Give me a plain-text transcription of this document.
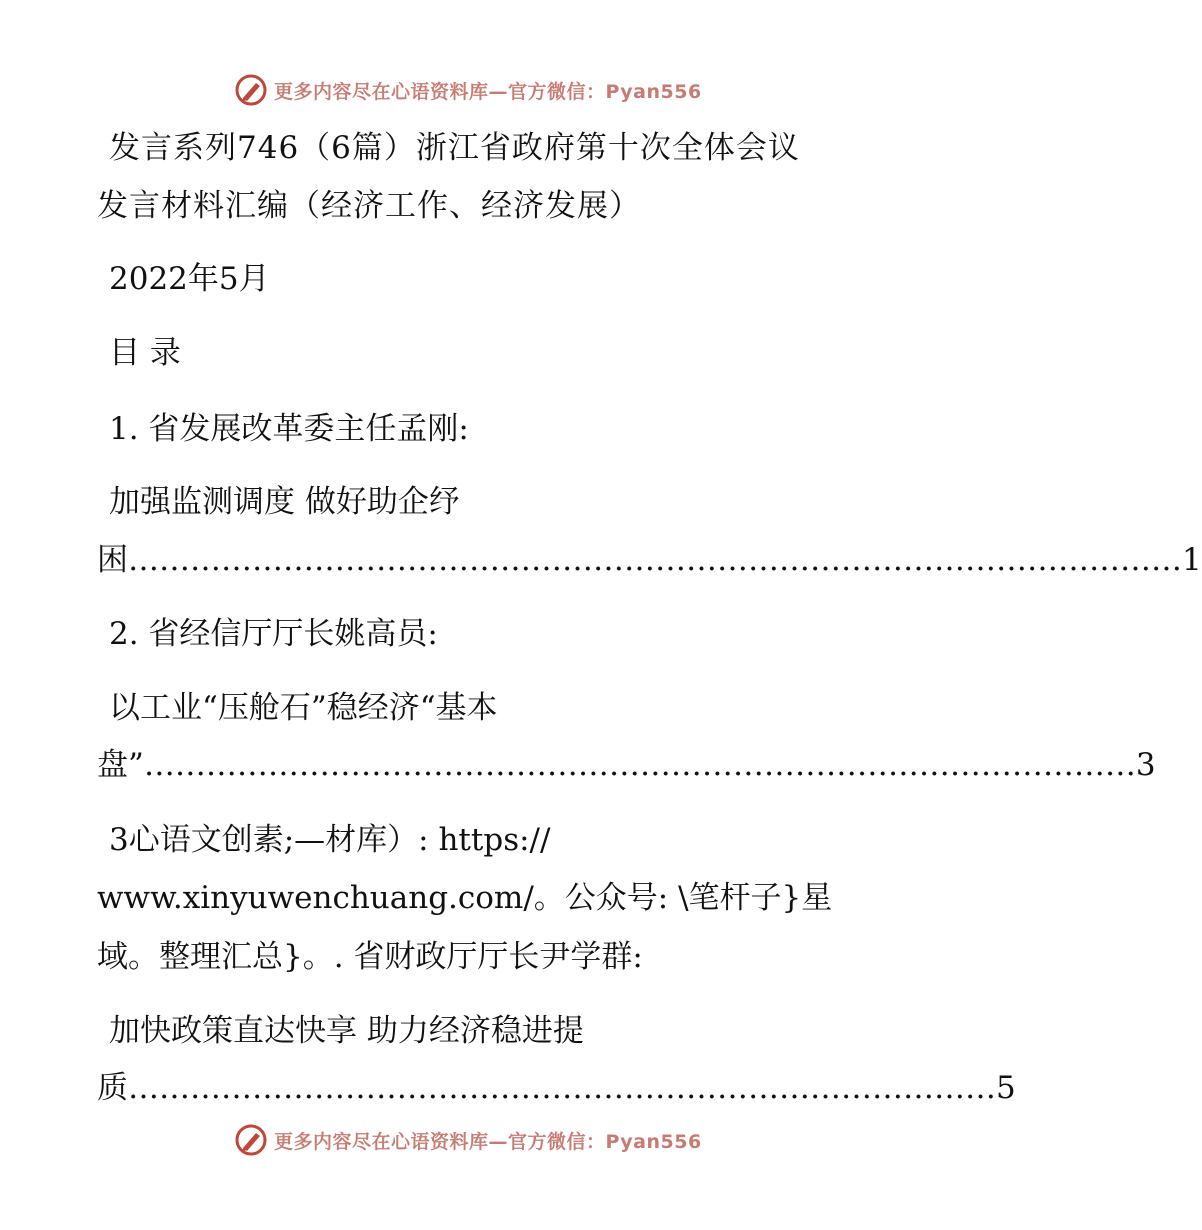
更多内容尽在心语资料库—官方微信：Pyan556
发言系列746（6篇）浙江省政府第十次全体会议
发言材料汇编（经济工作、经济发展）
2022年5月
目 录
1. 省发展改革委主任孟刚:
加强监测调度 做好助企纾
困 ………………………………………………………………………………………… 1
2. 省经信厅厅长姚高员:
以工业“压舱石”稳经济“基本
盘” …………………………………………………………………………………… 3
3心语文创素;—材库）: https://
www.xinyuwenchuang.com/。公众号: \笔杆子}星
域。整理汇总}。. 省财政厅厅长尹学群:
加快政策直达快享 助力经济稳进提
质 ………………………………………………………………………… 5
更多内容尽在心语资料库—官方微信：Pyan556
